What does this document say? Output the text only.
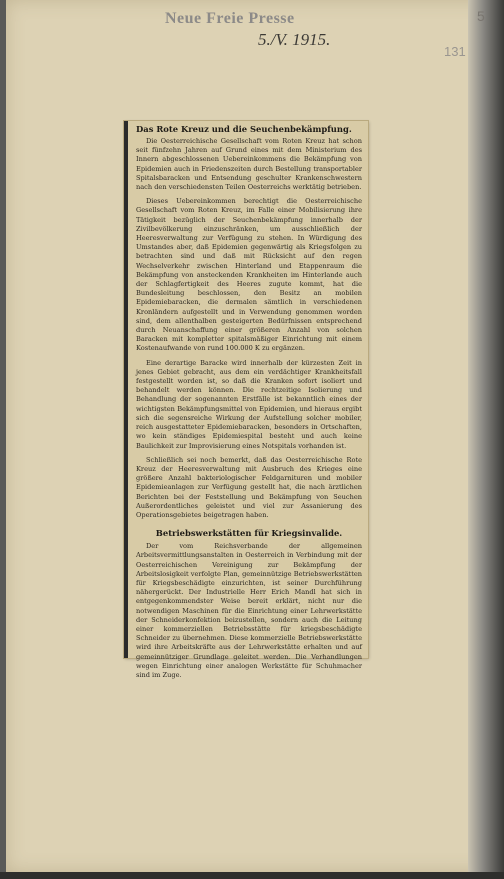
Neue Freie Presse
5./V. 1915.
5
131
Das Rote Kreuz und die Seuchenbekämpfung.

Die Oesterreichische Gesellschaft vom Roten Kreuz hat schon seit fünfzehn Jahren auf Grund eines mit dem Ministerium des Innern abgeschlossenen Uebereinkommens die Bekämpfung von Epidemien auch in Friedenszeiten durch Bestellung transportabler Spitalsbaracken und Entsendung geschulter Krankenschwestern nach den verschiedensten Teilen Oesterreichs werktätig betrieben.

Dieses Uebereinkommen berechtigt die Oesterreichische Gesellschaft vom Roten Kreuz, im Falle einer Mobilisierung ihre Tätigkeit bezüglich der Seuchenbekämpfung innerhalb der Zivilbevölkerung einzuschränken, um ausschließlich der Heeresverwaltung zur Verfügung zu stehen. In Würdigung des Umstandes aber, daß Epidemien gegenwärtig als Kriegsfolgen zu betrachten sind und daß mit Rücksicht auf den regen Wechselverkehr zwischen Hinterland und Etappenraum die Bekämpfung von ansteckenden Krankheiten im Hinterlande auch der Schlagfertigkeit des Heeres zugute kommt, hat die Bundesleitung beschlossen, den Besitz an mobilen Epidemiebaracken, die dermalen sämtlich in verschiedenen Kronländern aufgestellt und in Verwendung genommen worden sind, dem allenthalben gesteigerten Bedürfnissen entsprechend durch Neuanschaffung einer größeren Anzahl von solchen Baracken mit kompletter spitalsmäßiger Einrichtung mit einem Kostenaufwande von rund 100.000 K zu ergänzen.

Eine derartige Baracke wird innerhalb der kürzesten Zeit in jenes Gebiet gebracht, aus dem ein verdächtiger Krankheitsfall festgestellt worden ist, so daß die Kranken sofort isoliert und behandelt werden können. Die rechtzeitige Isolierung und Behandlung der sogenannten Erstfälle ist bekanntlich eines der wichtigsten Bekämpfungsmittel von Epidemien, und hieraus ergibt sich die segensreiche Wirkung der Aufstellung solcher mobiler, reich ausgestatteter Epidemiebaracken, besonders in Ortschaften, wo kein ständiges Epidemiespital besteht und auch keine Baulichkeit zur Improvisierung eines Notspitals vorhanden ist.

Schließlich sei noch bemerkt, daß das Oesterreichische Rote Kreuz der Heeresverwaltung mit Ausbruch des Krieges eine größere Anzahl bakteriologischer Feldgarnituren und mobiler Epidemieanlagen zur Verfügung gestellt hat, die nach ärztlichen Berichten bei der Feststellung und Bekämpfung von Seuchen Außerordentliches geleistet und viel zur Assanierung des Operationsgebietes beigetragen haben.

Betriebswerkstätten für Kriegsinvalide.

Der vom Reichsverbande der allgemeinen Arbeitsvermittlungsanstalten in Oesterreich in Verbindung mit der Oesterreichischen Vereinigung zur Bekämpfung der Arbeitslosigkeit verfolgte Plan, gemeinnützige Betriebswerkstätten für Kriegsbeschädigte einzurichten, ist seiner Durchführung nähergerückt. Der Industrielle Herr Erich Mandl hat sich in entgegenkommendster Weise bereit erklärt, nicht nur die notwendigen Maschinen für die Einrichtung einer Lehrwerkstätte der Schneiderkonfektion beizustellen, sondern auch die Leitung einer kommerziellen Betriebsstätte für kriegsbeschädigte Schneider zu übernehmen. Diese kommerzielle Betriebswerkstätte wird ihre Arbeitskräfte aus der Lehrwerkstätte erhalten und auf gemeinnütziger Grundlage geleitet werden. Die Verhandlungen wegen Einrichtung einer analogen Werkstätte für Schuhmacher sind im Zuge.
